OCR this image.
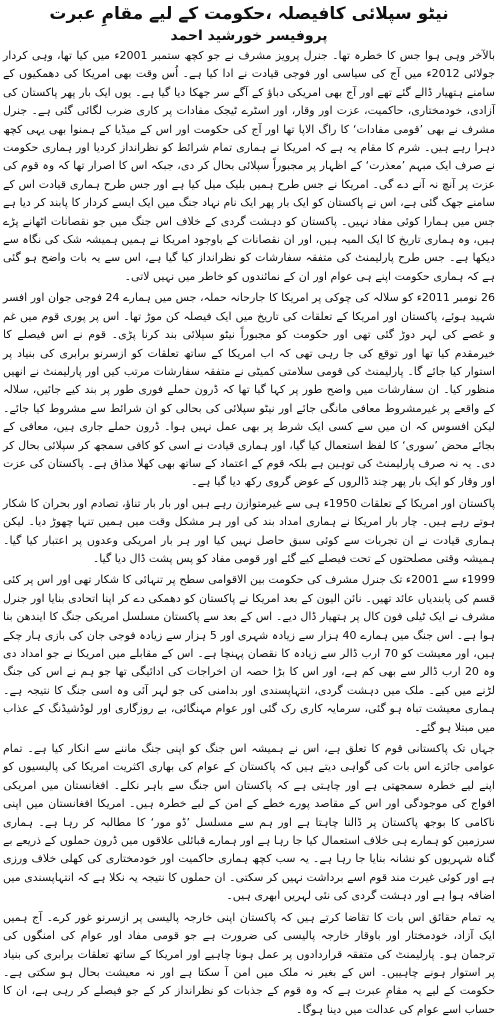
نیٹو سپلائی کافیصلہ ،حکومت کے لیے مقامِ عبرت
پروفیسر خورشید احمد

بالآخر وہی ہوا جس کا خطرہ تھا۔ جنرل پرویز مشرف نے جو کچھ ستمبر 2001ء میں کیا تھا، وہی کردار جولائی 2012ء میں آج کی سیاسی اور فوجی قیادت نے ادا کیا ہے۔ اُس وقت بھی امریکا کی دھمکیوں کے سامنے ہتھیار ڈالے گئے تھے اور آج بھی امریکی دباؤ کے آگے سر جھکا دیا گیا ہے۔ یوں ایک بار پھر پاکستان کی آزادی، خودمختاری، حاکمیت، عزت اور وقار، اور اسٹرے ٹیجک مفادات پر کاری ضرب لگائی گئی ہے۔ جنرل مشرف نے بھی ’قومی مفادات‘ کا راگ الاپا تھا اور آج کی حکومت اور اس کے میڈیا کے ہمنوا بھی یہی کچھ دہرا رہے ہیں۔ شرم کا مقام یہ ہے کہ امریکا نے ہماری تمام شرائط کو نظرانداز کردیا اور ہماری حکومت نے صرف ایک مبہم ’معذرت‘ کے اظہار پر مجبوراً سپلائی بحال کر دی، جبکہ اس کا اصرار تھا کہ وہ قوم کی عزت پر آنچ نہ آنے دے گی۔ امریکا نے جس طرح ہمیں بلیک میل کیا ہے اور جس طرح ہماری قیادت اس کے سامنے جھک گئی ہے، اس نے پاکستان کو ایک بار پھر ایک نام نہاد جنگ میں ایک ایسے کردار کا پابند کر دیا ہے جس میں ہمارا کوئی مفاد نہیں۔ پاکستان کو دہشت گردی کے خلاف اس جنگ میں جو نقصانات اٹھانے پڑے ہیں، وہ ہماری تاریخ کا ایک المیہ ہیں، اور ان نقصانات کے باوجود امریکا نے ہمیں ہمیشہ شک کی نگاہ سے دیکھا ہے۔ جس طرح پارلیمنٹ کی متفقہ سفارشات کو نظرانداز کیا گیا ہے، اس سے یہ بات واضح ہو گئی ہے کہ ہماری حکومت اپنے ہی عوام اور ان کے نمائندوں کو خاطر میں نہیں لاتی۔

26 نومبر 2011ء کو سلالہ کی چوکی پر امریکا کا جارحانہ حملہ، جس میں ہمارے 24 فوجی جوان اور افسر شہید ہوئے، پاکستان اور امریکا کے تعلقات کی تاریخ میں ایک فیصلہ کن موڑ تھا۔ اس پر پوری قوم میں غم و غصے کی لہر دوڑ گئی تھی اور حکومت کو مجبوراً نیٹو سپلائی بند کرنا پڑی۔ قوم نے اس فیصلے کا خیرمقدم کیا تھا اور توقع کی جا رہی تھی کہ اب امریکا کے ساتھ تعلقات کو ازسرنو برابری کی بنیاد پر استوار کیا جائے گا۔ پارلیمنٹ کی قومی سلامتی کمیٹی نے متفقہ سفارشات مرتب کیں اور پارلیمنٹ نے انھیں منظور کیا۔ ان سفارشات میں واضح طور پر کہا گیا تھا کہ ڈرون حملے فوری طور پر بند کیے جائیں، سلالہ کے واقعے پر غیرمشروط معافی مانگی جائے اور نیٹو سپلائی کی بحالی کو ان شرائط سے مشروط کیا جائے۔ لیکن افسوس کہ ان میں سے کسی ایک شرط پر بھی عمل نہیں ہوا۔ ڈرون حملے جاری ہیں، معافی کے بجائے محض ’سوری‘ کا لفظ استعمال کیا گیا، اور ہماری قیادت نے اسی کو کافی سمجھ کر سپلائی بحال کر دی۔ یہ نہ صرف پارلیمنٹ کی توہین ہے بلکہ قوم کے اعتماد کے ساتھ بھی کھلا مذاق ہے۔ پاکستان کی عزت اور وقار کو ایک بار پھر چند ڈالروں کے عوض گروی رکھ دیا گیا ہے۔

پاکستان اور امریکا کے تعلقات 1950ء ہی سے غیرمتوازن رہے ہیں اور بار بار تناؤ، تصادم اور بحران کا شکار ہوتے رہے ہیں۔ چار بار امریکا نے ہماری امداد بند کی اور ہر مشکل وقت میں ہمیں تنہا چھوڑ دیا۔ لیکن ہماری قیادت نے ان تجربات سے کوئی سبق حاصل نہیں کیا اور ہر بار امریکی وعدوں پر اعتبار کیا گیا۔ ہمیشہ وقتی مصلحتوں کے تحت فیصلے کیے گئے اور قومی مفاد کو پس پشت ڈال دیا گیا۔

1999ء سے 2001ء تک جنرل مشرف کی حکومت بین الاقوامی سطح پر تنہائی کا شکار تھی اور اس پر کئی قسم کی پابندیاں عائد تھیں۔ نائن الیون کے بعد امریکا نے پاکستان کو دھمکی دے کر اپنا اتحادی بنایا اور جنرل مشرف نے ایک ٹیلی فون کال پر ہتھیار ڈال دیے۔ اس کے بعد سے پاکستان مسلسل امریکی جنگ کا ایندھن بنا ہوا ہے۔ اس جنگ میں ہمارے 40 ہزار سے زیادہ شہری اور 5 ہزار سے زیادہ فوجی جان کی بازی ہار چکے ہیں، اور معیشت کو 70 ارب ڈالر سے زیادہ کا نقصان پہنچا ہے۔ اس کے مقابلے میں امریکا نے جو امداد دی وہ 20 ارب ڈالر سے بھی کم ہے، اور اس کا بڑا حصہ ان اخراجات کی ادائیگی تھا جو ہم نے اس کی جنگ لڑنے میں کیے۔ ملک میں دہشت گردی، انتہاپسندی اور بدامنی کی جو لہر آئی وہ اسی جنگ کا نتیجہ ہے۔ ہماری معیشت تباہ ہو گئی، سرمایہ کاری رک گئی اور عوام مہنگائی، بے روزگاری اور لوڈشیڈنگ کے عذاب میں مبتلا ہو گئے۔

جہاں تک پاکستانی قوم کا تعلق ہے، اس نے ہمیشہ اس جنگ کو اپنی جنگ ماننے سے انکار کیا ہے۔ تمام عوامی جائزے اس بات کی گواہی دیتے ہیں کہ پاکستان کے عوام کی بھاری اکثریت امریکا کی پالیسیوں کو اپنے لیے خطرہ سمجھتی ہے اور چاہتی ہے کہ پاکستان اس جنگ سے باہر نکلے۔ افغانستان میں امریکی افواج کی موجودگی اور اس کے مقاصد پورے خطے کے امن کے لیے خطرہ ہیں۔ امریکا افغانستان میں اپنی ناکامی کا بوجھ پاکستان پر ڈالنا چاہتا ہے اور ہم سے مسلسل ’ڈو مور‘ کا مطالبہ کر رہا ہے۔ ہماری سرزمین کو ہمارے ہی خلاف استعمال کیا جا رہا ہے اور ہمارے قبائلی علاقوں میں ڈرون حملوں کے ذریعے بے گناہ شہریوں کو نشانہ بنایا جا رہا ہے۔ یہ سب کچھ ہماری حاکمیت اور خودمختاری کی کھلی خلاف ورزی ہے اور کوئی غیرت مند قوم اسے برداشت نہیں کر سکتی۔ ان حملوں کا نتیجہ یہ نکلا ہے کہ انتہاپسندی میں اضافہ ہوا ہے اور دہشت گردی کی نئی لہریں ابھری ہیں۔

یہ تمام حقائق اس بات کا تقاضا کرتے ہیں کہ پاکستان اپنی خارجہ پالیسی پر ازسرنو غور کرے۔ آج ہمیں ایک آزاد، خودمختار اور باوقار خارجہ پالیسی کی ضرورت ہے جو قومی مفاد اور عوام کی امنگوں کی ترجمان ہو۔ پارلیمنٹ کی متفقہ قراردادوں پر عمل ہونا چاہیے اور امریکا کے ساتھ تعلقات برابری کی بنیاد پر استوار ہونے چاہییں۔ اس کے بغیر نہ ملک میں امن آ سکتا ہے اور نہ معیشت بحال ہو سکتی ہے۔ حکومت کے لیے یہ مقامِ عبرت ہے کہ وہ قوم کے جذبات کو نظرانداز کر کے جو فیصلے کر رہی ہے، ان کا حساب اسے عوام کی عدالت میں دینا ہوگا۔
